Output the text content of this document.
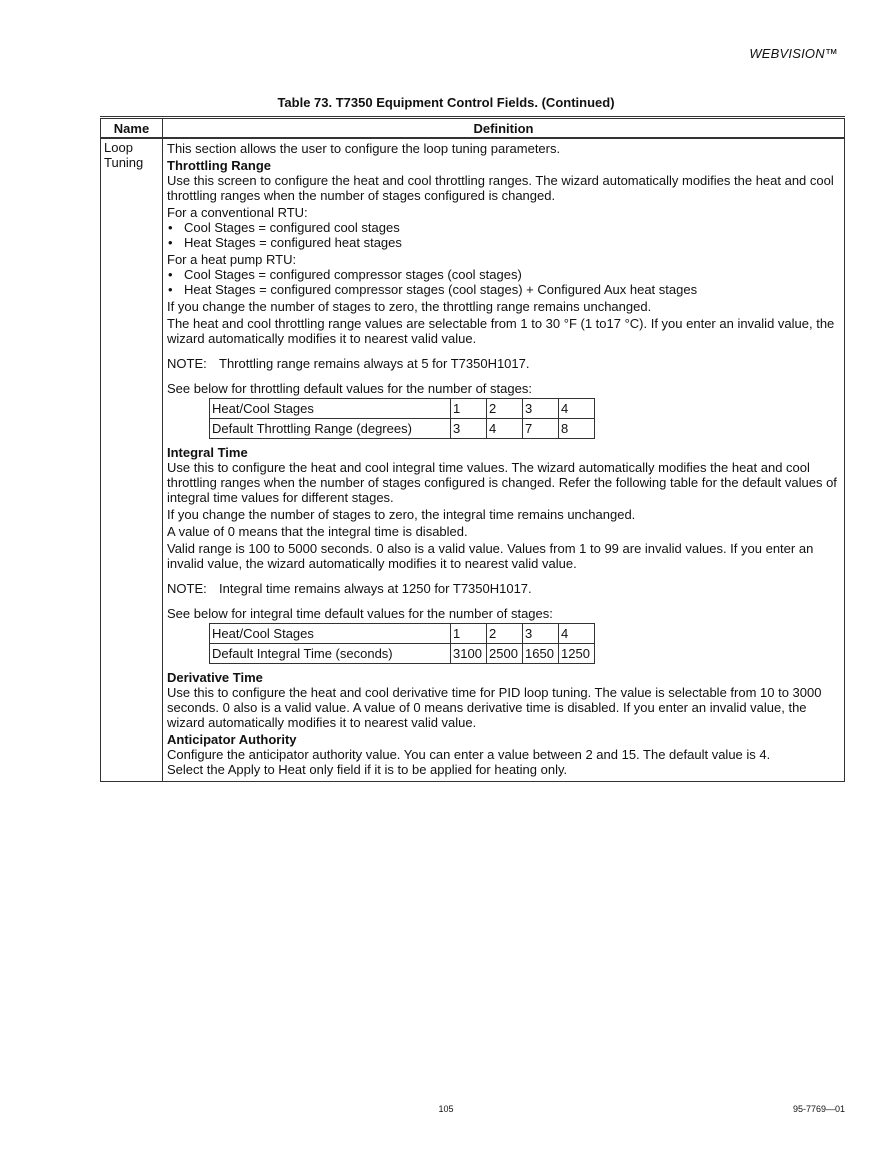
WEBVISION™
Table 73. T7350 Equipment Control Fields. (Continued)
Name	Definition
Loop Tuning	
This section allows the user to configure the loop tuning parameters.
Throttling Range
Use this screen to configure the heat and cool throttling ranges. The wizard automatically modifies the heat and cool throttling ranges when the number of stages configured is changed.
For a conventional RTU:
• Cool Stages = configured cool stages
• Heat Stages = configured heat stages
For a heat pump RTU:
• Cool Stages = configured compressor stages (cool stages)
• Heat Stages = configured compressor stages (cool stages) + Configured Aux heat stages
If you change the number of stages to zero, the throttling range remains unchanged.
The heat and cool throttling range values are selectable from 1 to 30 °F (1 to17 °C). If you enter an invalid value, the wizard automatically modifies it to nearest valid value.
NOTE: Throttling range remains always at 5 for T7350H1017.
See below for throttling default values for the number of stages:
Heat/Cool Stages	1	2	3	4
Default Throttling Range (degrees)	3	4	7	8
Integral Time
Use this to configure the heat and cool integral time values. The wizard automatically modifies the heat and cool throttling ranges when the number of stages configured is changed. Refer the following table for the default values of integral time values for different stages.
If you change the number of stages to zero, the integral time remains unchanged.
A value of 0 means that the integral time is disabled.
Valid range is 100 to 5000 seconds. 0 also is a valid value. Values from 1 to 99 are invalid values. If you enter an invalid value, the wizard automatically modifies it to nearest valid value.
NOTE: Integral time remains always at 1250 for T7350H1017.
See below for integral time default values for the number of stages:
Heat/Cool Stages	1	2	3	4
Default Integral Time (seconds)	3100	2500	1650	1250
Derivative Time
Use this to configure the heat and cool derivative time for PID loop tuning. The value is selectable from 10 to 3000 seconds. 0 also is a valid value. A value of 0 means derivative time is disabled. If you enter an invalid value, the wizard automatically modifies it to nearest valid value.
Anticipator Authority
Configure the anticipator authority value. You can enter a value between 2 and 15. The default value is 4.
Select the Apply to Heat only field if it is to be applied for heating only.
105	95-7769—01
